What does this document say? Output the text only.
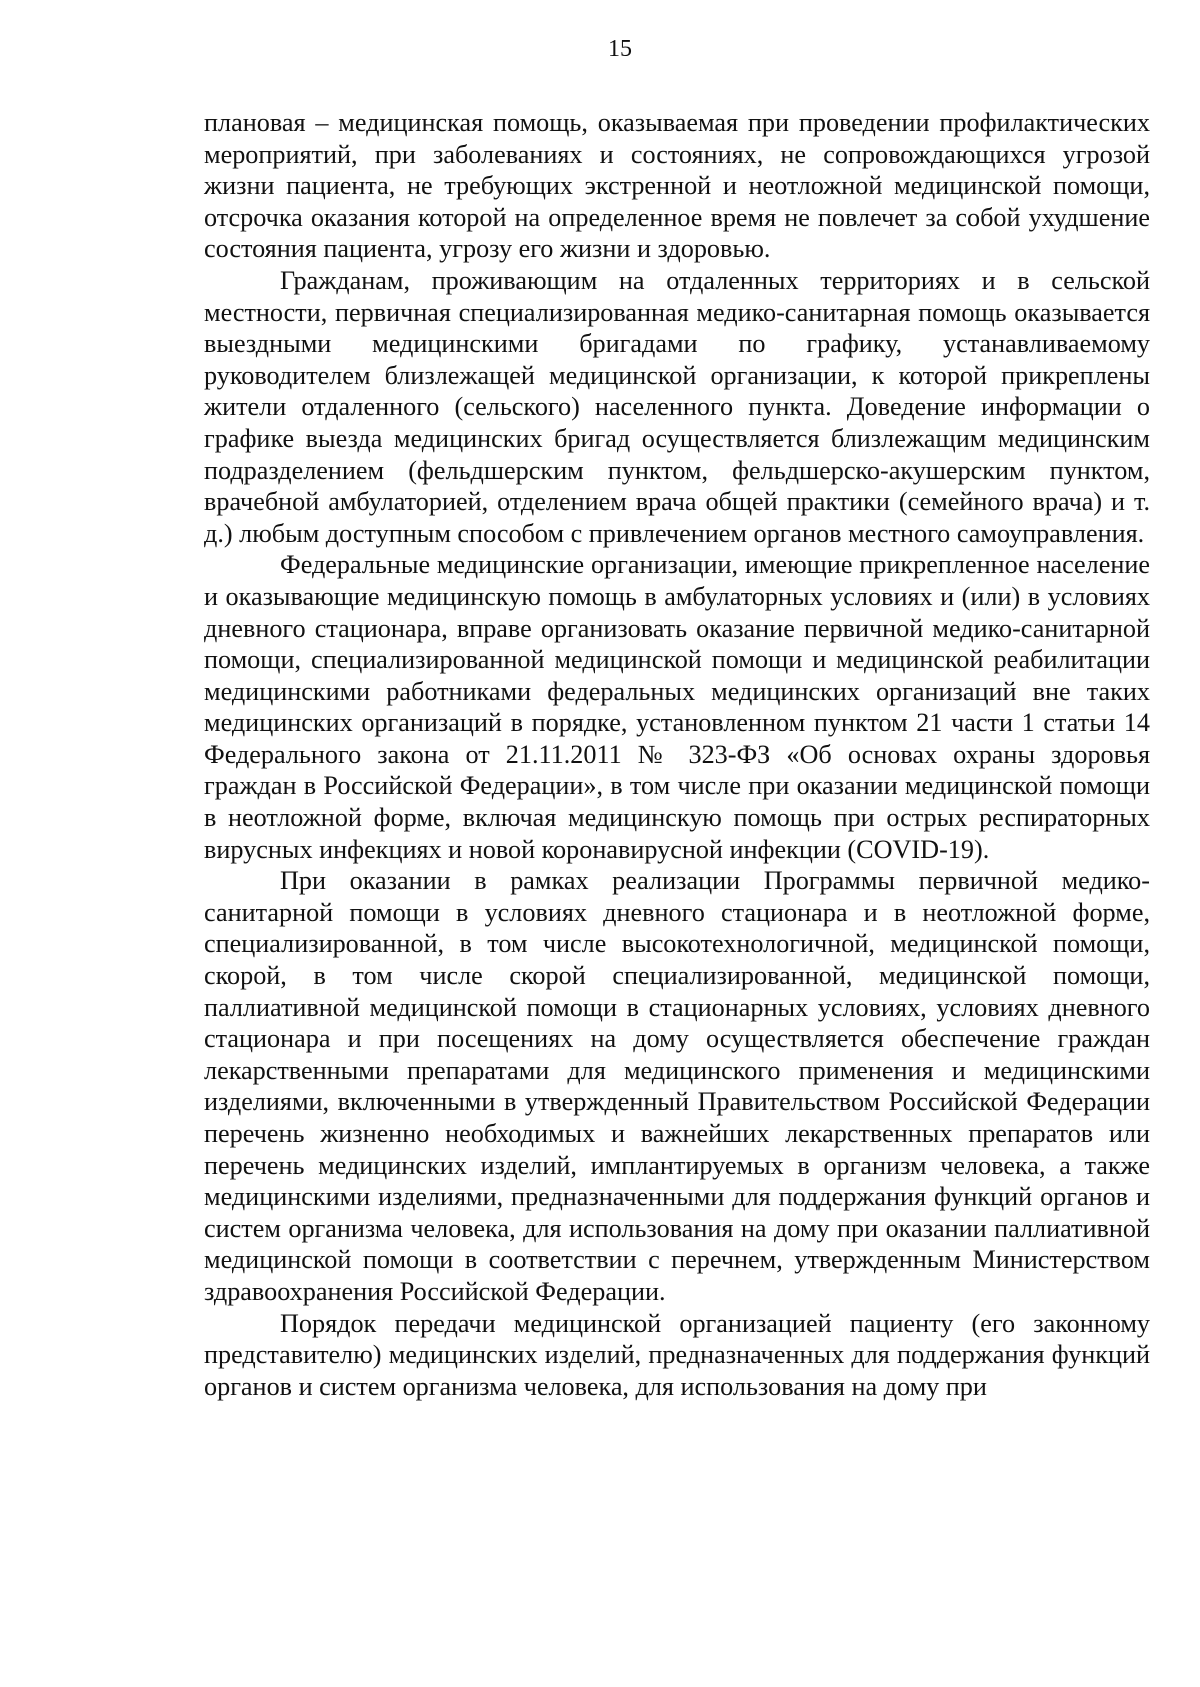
15

плановая – медицинская помощь, оказываемая при проведении профилактических мероприятий, при заболеваниях и состояниях, не сопровождающихся угрозой жизни пациента, не требующих экстренной и неотложной медицинской помощи, отсрочка оказания которой на определенное время не повлечет за собой ухудшение состояния пациента, угрозу его жизни и здоровью.

Гражданам, проживающим на отдаленных территориях и в сельской местности, первичная специализированная медико-санитарная помощь оказывается выездными медицинскими бригадами по графику, устанавливаемому руководителем близлежащей медицинской организации, к которой прикреплены жители отдаленного (сельского) населенного пункта. Доведение информации о графике выезда медицинских бригад осуществляется близлежащим медицинским подразделением (фельдшерским пунктом, фельдшерско-акушерским пунктом, врачебной амбулаторией, отделением врача общей практики (семейного врача) и т. д.) любым доступным способом с привлечением органов местного самоуправления.

Федеральные медицинские организации, имеющие прикрепленное население и оказывающие медицинскую помощь в амбулаторных условиях и (или) в условиях дневного стационара, вправе организовать оказание первичной медико-санитарной помощи, специализированной медицинской помощи и медицинской реабилитации медицинскими работниками федеральных медицинских организаций вне таких медицинских организаций в порядке, установленном пунктом 21 части 1 статьи 14 Федерального закона от 21.11.2011 № 323-ФЗ «Об основах охраны здоровья граждан в Российской Федерации», в том числе при оказании медицинской помощи в неотложной форме, включая медицинскую помощь при острых респираторных вирусных инфекциях и новой коронавирусной инфекции (COVID-19).

При оказании в рамках реализации Программы первичной медико-санитарной помощи в условиях дневного стационара и в неотложной форме, специализированной, в том числе высокотехнологичной, медицинской помощи, скорой, в том числе скорой специализированной, медицинской помощи, паллиативной медицинской помощи в стационарных условиях, условиях дневного стационара и при посещениях на дому осуществляется обеспечение граждан лекарственными препаратами для медицинского применения и медицинскими изделиями, включенными в утвержденный Правительством Российской Федерации перечень жизненно необходимых и важнейших лекарственных препаратов или перечень медицинских изделий, имплантируемых в организм человека, а также медицинскими изделиями, предназначенными для поддержания функций органов и систем организма человека, для использования на дому при оказании паллиативной медицинской помощи в соответствии с перечнем, утвержденным Министерством здравоохранения Российской Федерации.

Порядок передачи медицинской организацией пациенту (его законному представителю) медицинских изделий, предназначенных для поддержания функций органов и систем организма человека, для использования на дому при
